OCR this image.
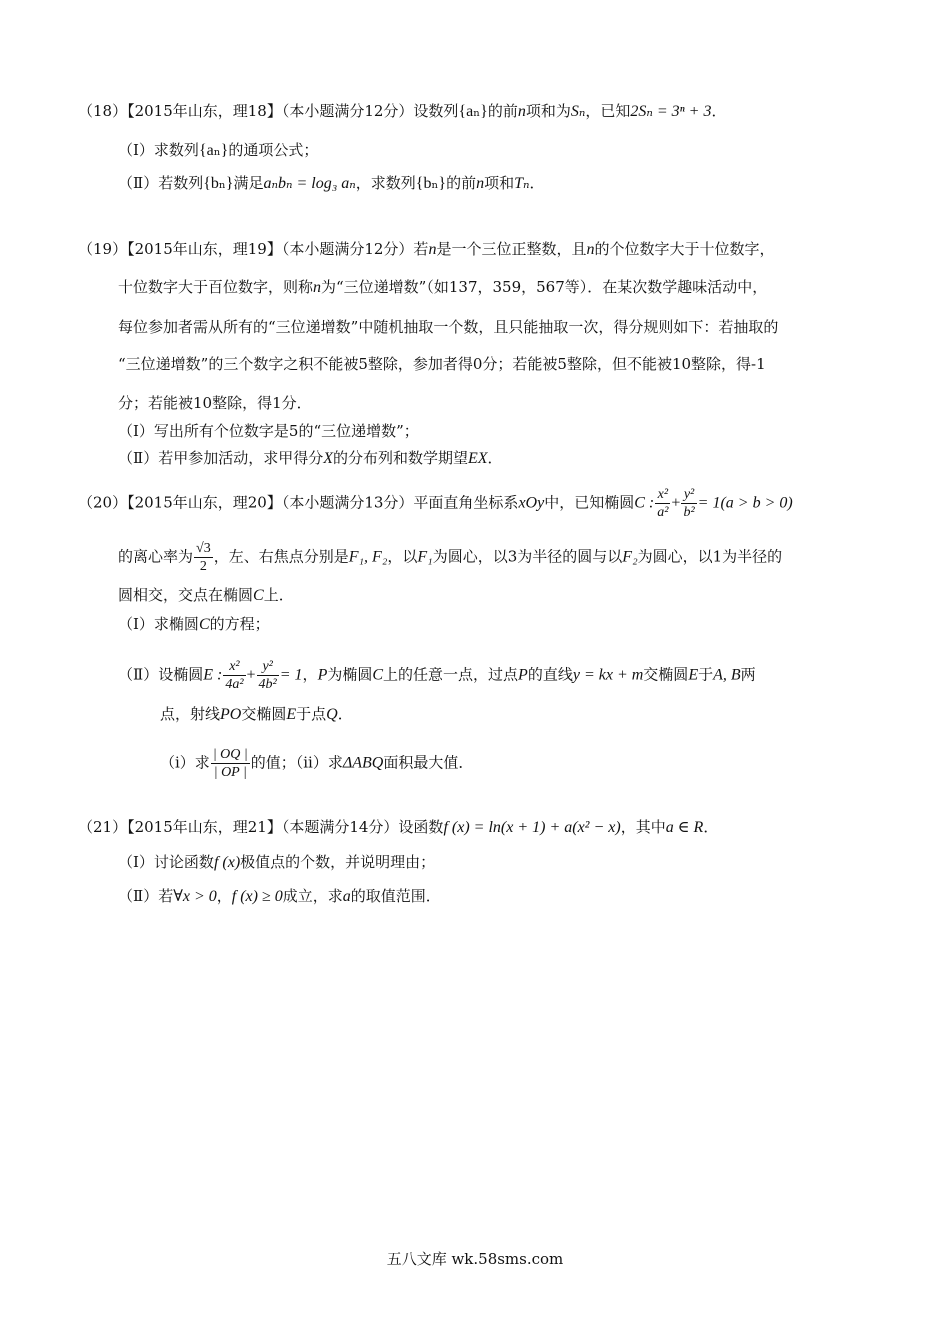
（18）【2015年山东，理18】（本小题满分12分）设数列{aₙ}的前n项和为Sₙ，已知2Sₙ = 3ⁿ + 3．
（Ⅰ）求数列{aₙ}的通项公式；
（Ⅱ）若数列{bₙ}满足aₙbₙ = log₃ aₙ，求数列{bₙ}的前n项和Tₙ．
（19）【2015年山东，理19】（本小题满分12分）若n是一个三位正整数，且n的个位数字大于十位数字，
十位数字大于百位数字，则称n为“三位递增数”（如137，359，567等）．在某次数学趣味活动中，
每位参加者需从所有的“三位递增数”中随机抽取一个数，且只能抽取一次，得分规则如下：若抽取的
“三位递增数”的三个数字之积不能被5整除，参加者得0分；若能被5整除，但不能被10整除，得-1
分；若能被10整除，得1分．
（Ⅰ）写出所有个位数字是5的“三位递增数”；
（Ⅱ）若甲参加活动，求甲得分X的分布列和数学期望EX．
（20）【2015年山东，理20】（本小题满分13分）平面直角坐标系xOy中，已知椭圆C : $\frac{\text{x²}}{\text{a²}} + \frac{\text{y²}}{\text{b²}} = 1(a > b > 0)$
的离心率为 $\frac{√3}{2}$ ，左、右焦点分别是F₁, F₂，以F₁为圆心，以3为半径的圆与以F₂为圆心，以1为半径的
圆相交，交点在椭圆C上．
（Ⅰ）求椭圆C的方程；
（Ⅱ）设椭圆E : $\frac{\text{x²}}{\text{4a²}} + \frac{\text{y²}}{\text{4b²}} = 1$，P为椭圆C上的任意一点，过点P的直线y = kx + m交椭圆E于A, B两
点，射线PO交椭圆E于点Q．
（i）求 $\frac{| OQ |}{| OP |}$ 的值；（ii）求ΔABQ面积最大值．
（21）【2015年山东，理21】（本题满分14分）设函数f (x) = ln(x + 1) + a(x² − x)，其中a ∈ R．
（Ⅰ）讨论函数f (x)极值点的个数，并说明理由；
（Ⅱ）若∀x > 0，f (x) ≥ 0成立，求a的取值范围．
五八文库 wk.58sms.com
